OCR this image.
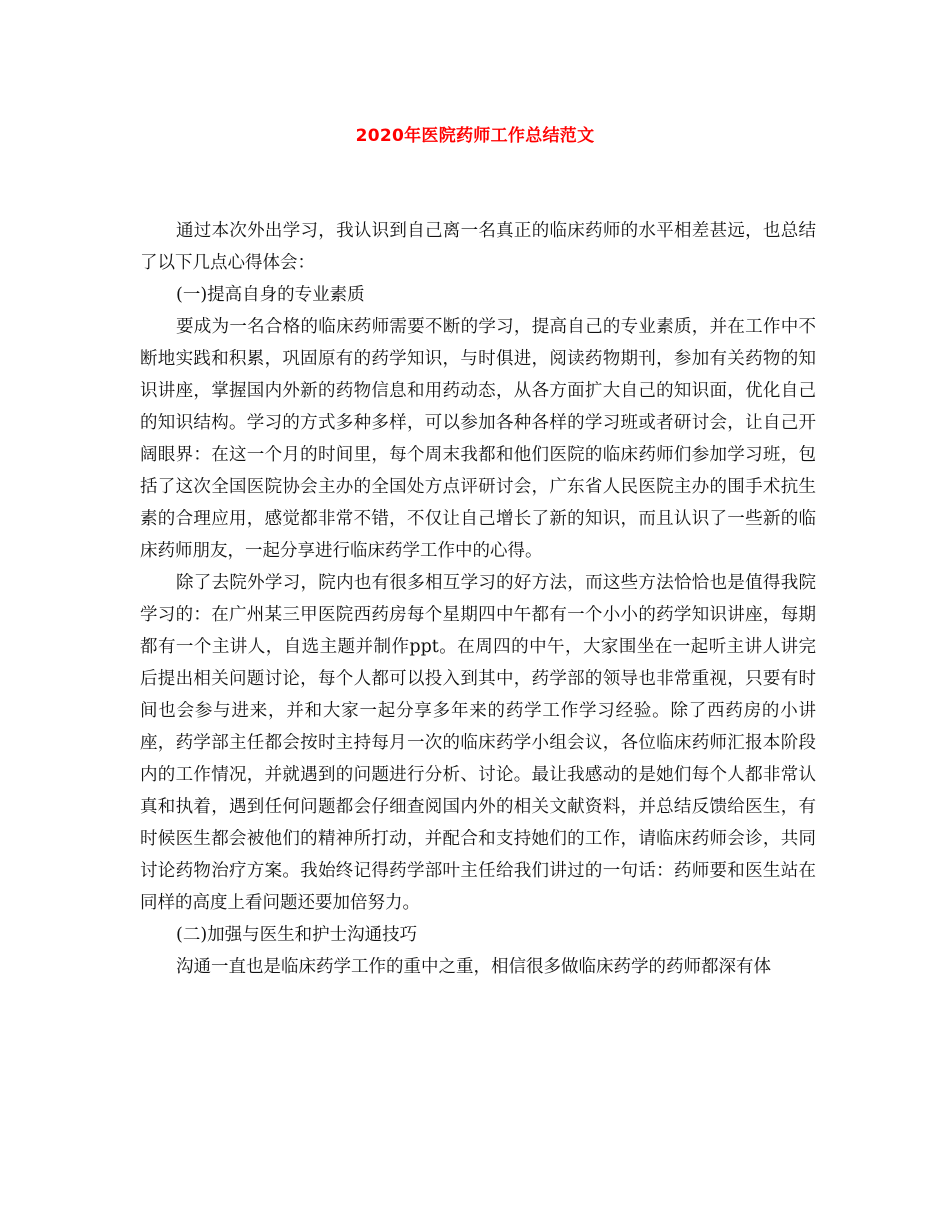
2020年医院药师工作总结范文

通过本次外出学习，我认识到自己离一名真正的临床药师的水平相差甚远，也总结了以下几点心得体会：

(一)提高自身的专业素质

要成为一名合格的临床药师需要不断的学习，提高自己的专业素质，并在工作中不断地实践和积累，巩固原有的药学知识，与时俱进，阅读药物期刊，参加有关药物的知识讲座，掌握国内外新的药物信息和用药动态，从各方面扩大自己的知识面，优化自己的知识结构。学习的方式多种多样，可以参加各种各样的学习班或者研讨会，让自己开阔眼界：在这一个月的时间里，每个周末我都和他们医院的临床药师们参加学习班，包括了这次全国医院协会主办的全国处方点评研讨会，广东省人民医院主办的围手术抗生素的合理应用，感觉都非常不错，不仅让自己增长了新的知识，而且认识了一些新的临床药师朋友，一起分享进行临床药学工作中的心得。

除了去院外学习，院内也有很多相互学习的好方法，而这些方法恰恰也是值得我院学习的：在广州某三甲医院西药房每个星期四中午都有一个小小的药学知识讲座，每期都有一个主讲人，自选主题并制作ppt。在周四的中午，大家围坐在一起听主讲人讲完后提出相关问题讨论，每个人都可以投入到其中，药学部的领导也非常重视，只要有时间也会参与进来，并和大家一起分享多年来的药学工作学习经验。除了西药房的小讲座，药学部主任都会按时主持每月一次的临床药学小组会议，各位临床药师汇报本阶段内的工作情况，并就遇到的问题进行分析、讨论。最让我感动的是她们每个人都非常认真和执着，遇到任何问题都会仔细查阅国内外的相关文献资料，并总结反馈给医生，有时候医生都会被他们的精神所打动，并配合和支持她们的工作，请临床药师会诊，共同讨论药物治疗方案。我始终记得药学部叶主任给我们讲过的一句话：药师要和医生站在同样的高度上看问题还要加倍努力。

(二)加强与医生和护士沟通技巧

沟通一直也是临床药学工作的重中之重，相信很多做临床药学的药师都深有体
